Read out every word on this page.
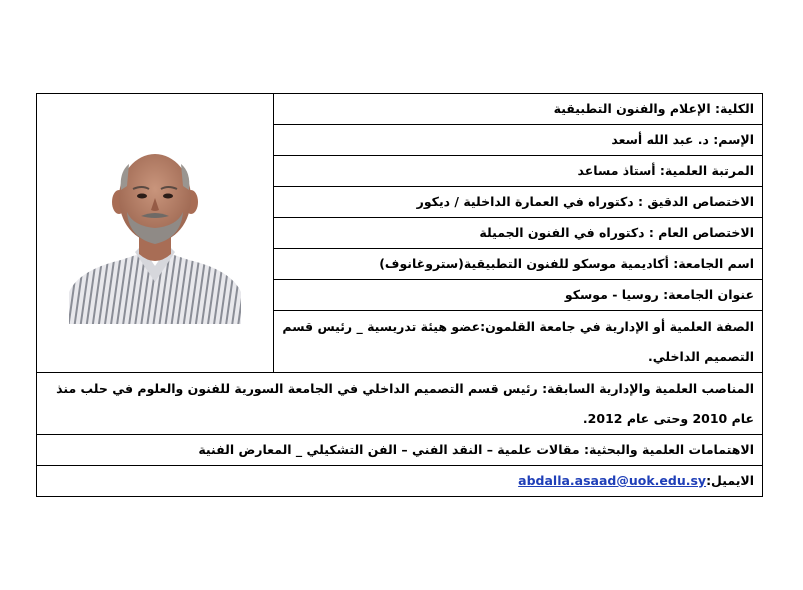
الكلية: الإعلام والفنون التطبيقية	

الإسم: د. عبد الله أسعد
المرتبة العلمية: أستاذ مساعد
الاختصاص الدقيق : دكتوراه في العمارة الداخلية / ديكور
الاختصاص العام : دكتوراه في الفنون الجميلة
اسم الجامعة: أكاديمية موسكو للفنون التطبيقية(ستروغانوف)
عنوان الجامعة: روسيا - موسكو
الصفة العلمية أو الإدارية في جامعة القلمون:عضو هيئة تدريسية _ رئيس قسم التصميم الداخلي.
المناصب العلمية والإدارية السابقة: رئيس قسم التصميم الداخلي في الجامعة السورية للفنون والعلوم في حلب منذ عام 2010 وحتى عام 2012.
الاهتمامات العلمية والبحثية: مقالات علمية – النقد الفني – الفن التشكيلي _ المعارض الفنية
الايميل:abdalla.asaad@uok.edu.sy
